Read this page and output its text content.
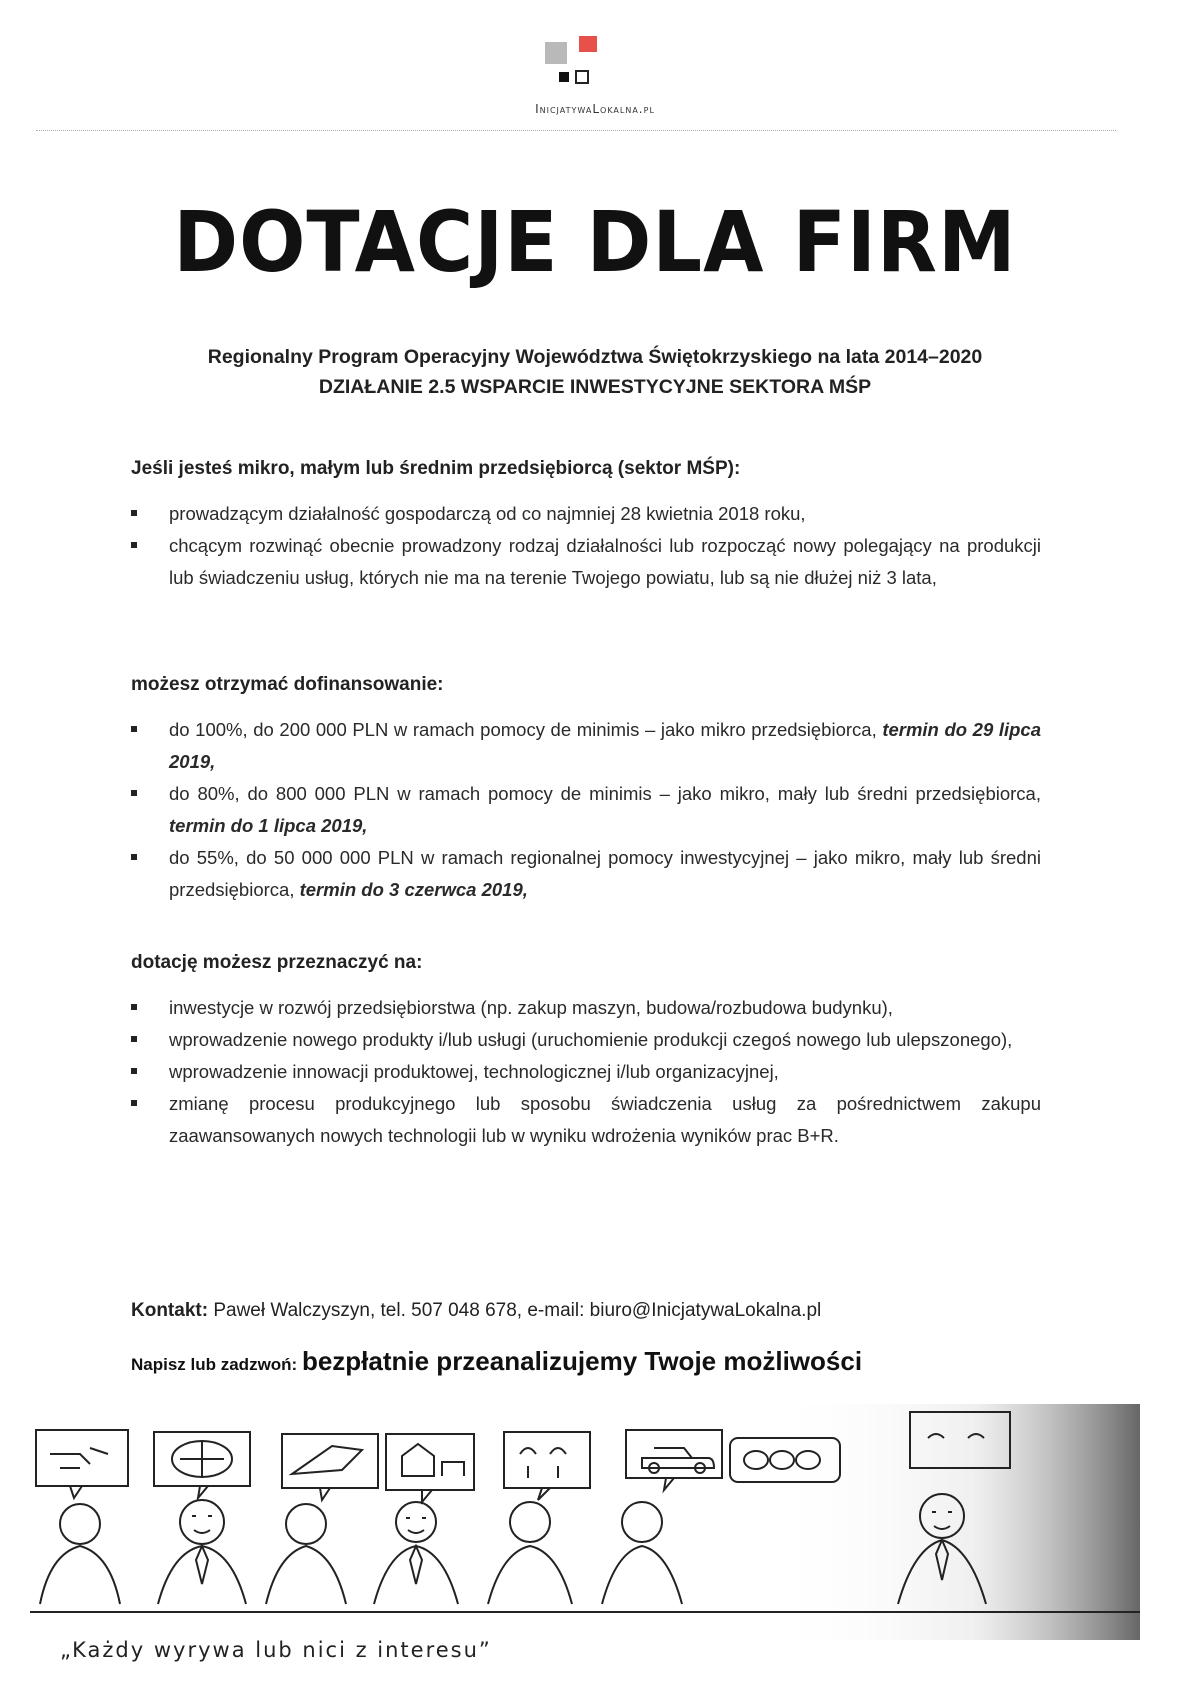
InicjatywaLokalna.pl
DOTACJE DLA FIRM
Regionalny Program Operacyjny Województwa Świętokrzyskiego na lata 2014–2020
DZIAŁANIE 2.5 WSPARCIE INWESTYCYJNE SEKTORA MŚP
Jeśli jesteś mikro, małym lub średnim przedsiębiorcą (sektor MŚP):
prowadzącym działalność gospodarczą od co najmniej 28 kwietnia 2018 roku,
chcącym rozwinąć obecnie prowadzony rodzaj działalności lub rozpocząć nowy polegający na produkcji lub świadczeniu usług, których nie ma na terenie Twojego powiatu, lub są nie dłużej niż 3 lata,
możesz otrzymać dofinansowanie:
do 100%, do 200 000 PLN w ramach pomocy de minimis – jako mikro przedsiębiorca, termin do 29 lipca 2019,
do 80%, do 800 000 PLN w ramach pomocy de minimis – jako mikro, mały lub średni przedsiębiorca, termin do 1 lipca 2019,
do 55%, do 50 000 000 PLN w ramach regionalnej pomocy inwestycyjnej – jako mikro, mały lub średni przedsiębiorca, termin do 3 czerwca 2019,
dotację możesz przeznaczyć na:
inwestycje w rozwój przedsiębiorstwa (np. zakup maszyn, budowa/rozbudowa budynku),
wprowadzenie nowego produkty i/lub usługi (uruchomienie produkcji czegoś nowego lub ulepszonego),
wprowadzenie innowacji produktowej, technologicznej i/lub organizacyjnej,
zmianę procesu produkcyjnego lub sposobu świadczenia usług za pośrednictwem zakupu zaawansowanych nowych technologii lub w wyniku wdrożenia wyników prac B+R.
Kontakt: Paweł Walczyszyn, tel. 507 048 678, e-mail: biuro@InicjatywaLokalna.pl
Napisz lub zadzwoń: bezpłatnie przeanalizujemy Twoje możliwości
„Każdy wyrywa lub nici z interesu”
